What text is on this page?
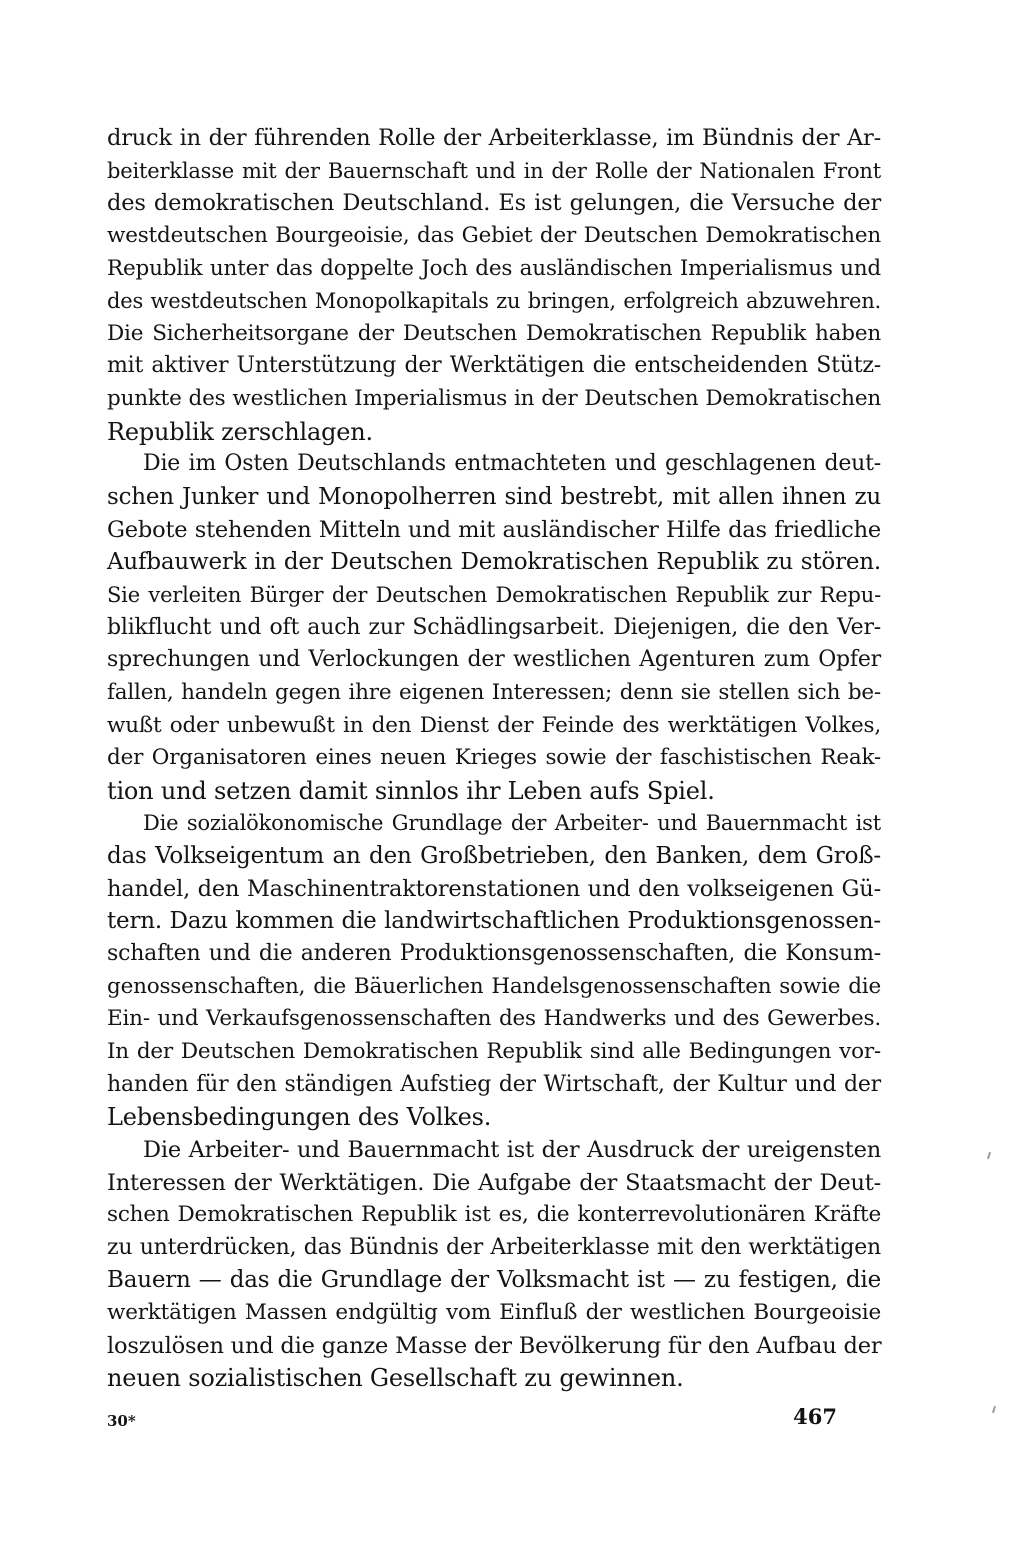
druck in der führenden Rolle der Arbeiterklasse, im Bündnis der Ar-
beiterklasse mit der Bauernschaft und in der Rolle der Nationalen Front
des demokratischen Deutschland. Es ist gelungen, die Versuche der
westdeutschen Bourgeoisie, das Gebiet der Deutschen Demokratischen
Republik unter das doppelte Joch des ausländischen Imperialismus und
des westdeutschen Monopolkapitals zu bringen, erfolgreich abzuwehren.
Die Sicherheitsorgane der Deutschen Demokratischen Republik haben
mit aktiver Unterstützung der Werktätigen die entscheidenden Stütz-
punkte des westlichen Imperialismus in der Deutschen Demokratischen
Republik zerschlagen.
Die im Osten Deutschlands entmachteten und geschlagenen deut-
schen Junker und Monopolherren sind bestrebt, mit allen ihnen zu
Gebote stehenden Mitteln und mit ausländischer Hilfe das friedliche
Aufbauwerk in der Deutschen Demokratischen Republik zu stören.
Sie verleiten Bürger der Deutschen Demokratischen Republik zur Repu-
blikflucht und oft auch zur Schädlingsarbeit. Diejenigen, die den Ver-
sprechungen und Verlockungen der westlichen Agenturen zum Opfer
fallen, handeln gegen ihre eigenen Interessen; denn sie stellen sich be-
wußt oder unbewußt in den Dienst der Feinde des werktätigen Volkes,
der Organisatoren eines neuen Krieges sowie der faschistischen Reak-
tion und setzen damit sinnlos ihr Leben aufs Spiel.
Die sozialökonomische Grundlage der Arbeiter- und Bauernmacht ist
das Volkseigentum an den Großbetrieben, den Banken, dem Groß-
handel, den Maschinentraktorenstationen und den volkseigenen Gü-
tern. Dazu kommen die landwirtschaftlichen Produktionsgenossen-
schaften und die anderen Produktionsgenossenschaften, die Konsum-
genossenschaften, die Bäuerlichen Handelsgenossenschaften sowie die
Ein- und Verkaufsgenossenschaften des Handwerks und des Gewerbes.
In der Deutschen Demokratischen Republik sind alle Bedingungen vor-
handen für den ständigen Aufstieg der Wirtschaft, der Kultur und der
Lebensbedingungen des Volkes.
Die Arbeiter- und Bauernmacht ist der Ausdruck der ureigensten
Interessen der Werktätigen. Die Aufgabe der Staatsmacht der Deut-
schen Demokratischen Republik ist es, die konterrevolutionären Kräfte
zu unterdrücken, das Bündnis der Arbeiterklasse mit den werktätigen
Bauern — das die Grundlage der Volksmacht ist — zu festigen, die
werktätigen Massen endgültig vom Einfluß der westlichen Bourgeoisie
loszulösen und die ganze Masse der Bevölkerung für den Aufbau der
neuen sozialistischen Gesellschaft zu gewinnen.
30*	467
